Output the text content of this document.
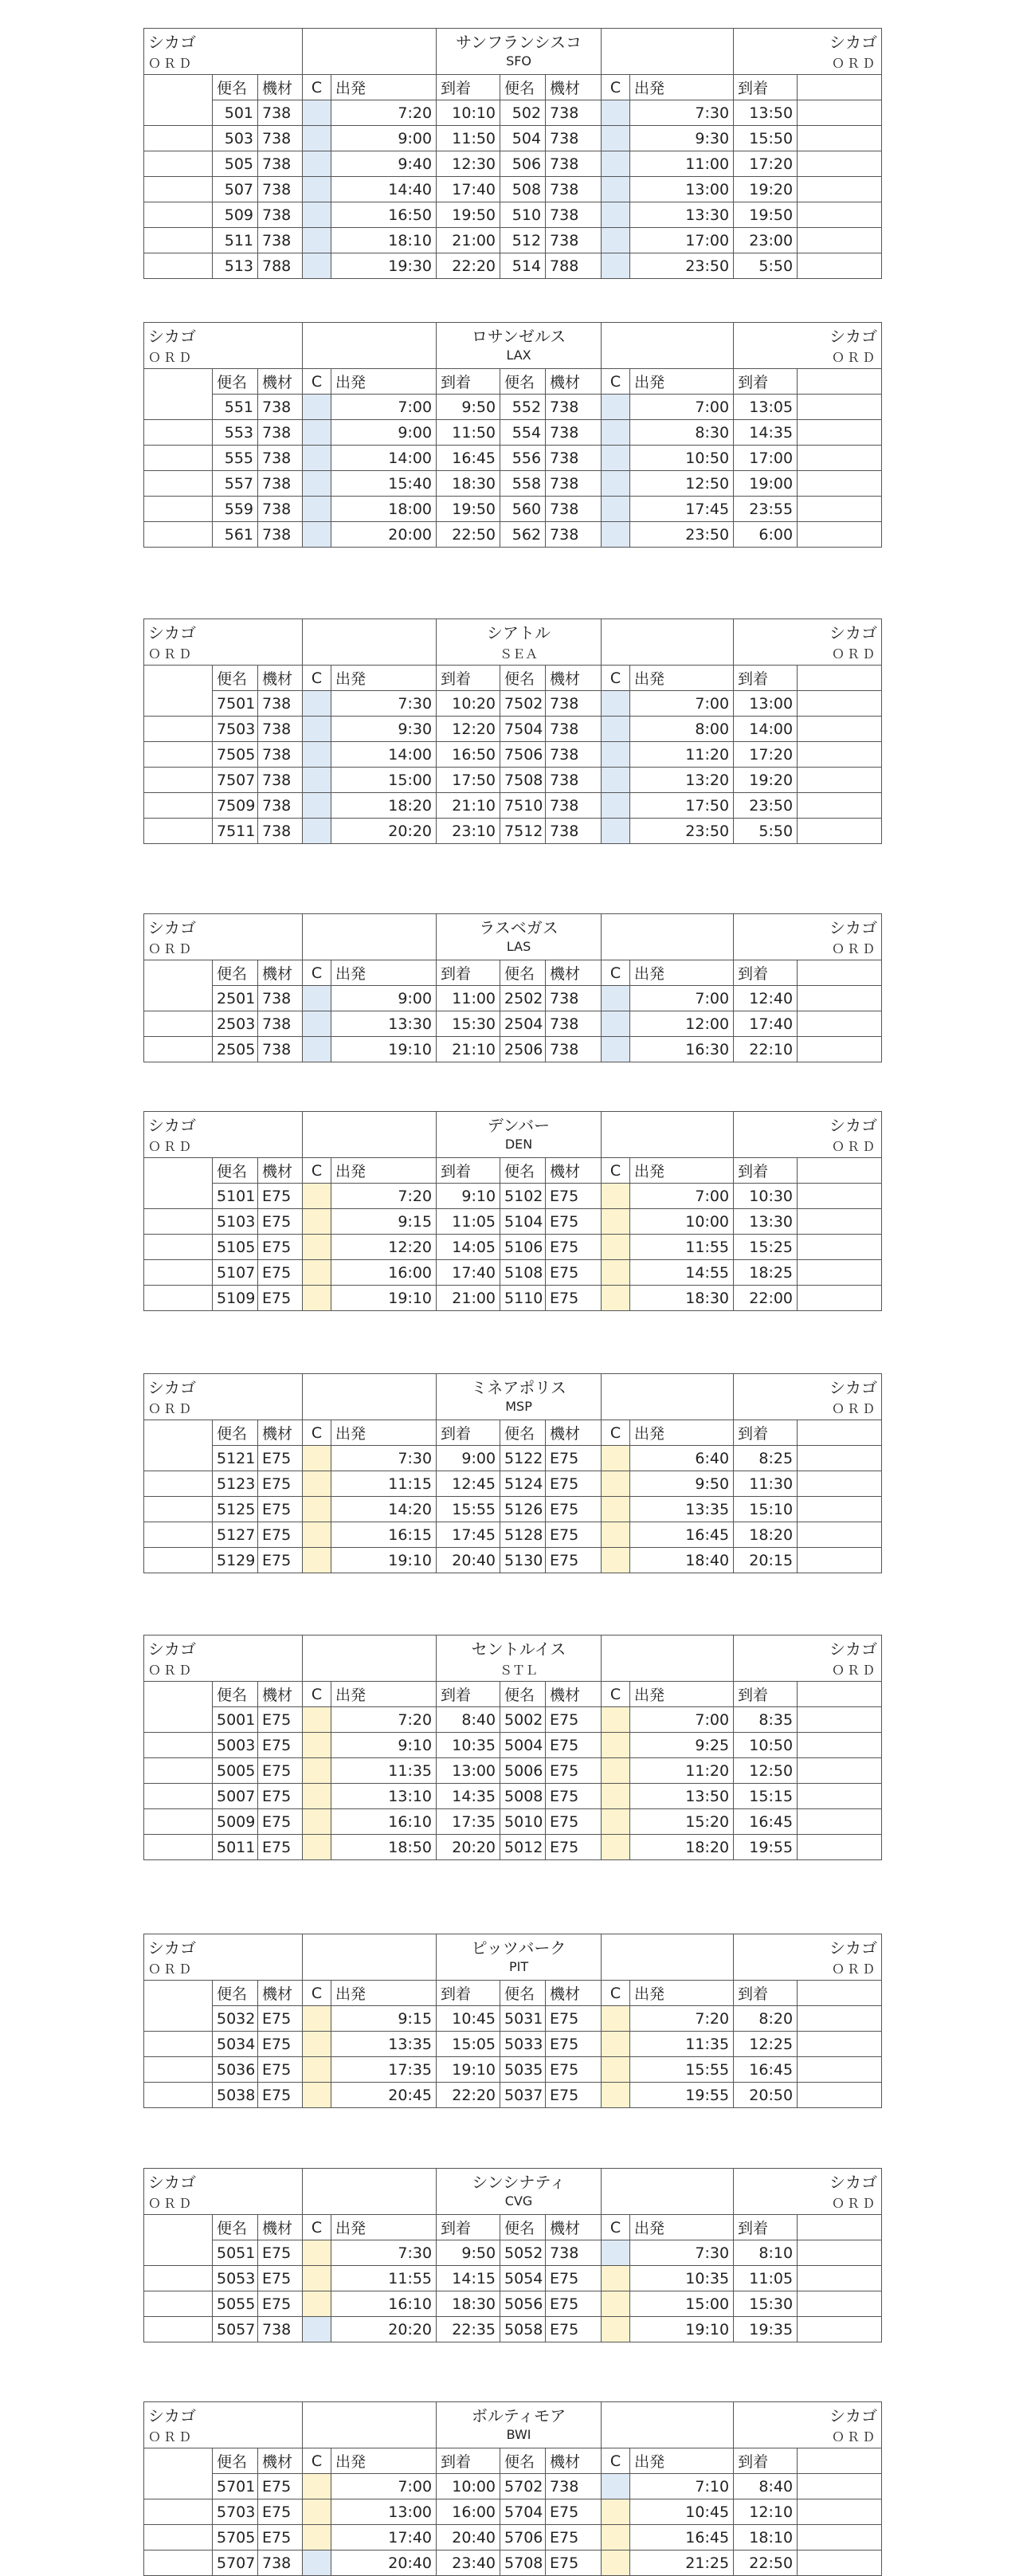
シカゴ					サンフランシスコ					シカゴ	
ＯＲＤ					SFO					ＯＲＤ	
	便名	機材	C	出発	到着	便名	機材	C	出発	到着	
	501	738		7:20	10:10	502	738		7:30	13:50	
	503	738		9:00	11:50	504	738		9:30	15:50	
	505	738		9:40	12:30	506	738		11:00	17:20	
	507	738		14:40	17:40	508	738		13:00	19:20	
	509	738		16:50	19:50	510	738		13:30	19:50	
	511	738		18:10	21:00	512	738		17:00	23:00	
	513	788		19:30	22:20	514	788		23:50	5:50	
シカゴ					ロサンゼルス					シカゴ	
ＯＲＤ					LAX					ＯＲＤ	
	便名	機材	C	出発	到着	便名	機材	C	出発	到着	
	551	738		7:00	9:50	552	738		7:00	13:05	
	553	738		9:00	11:50	554	738		8:30	14:35	
	555	738		14:00	16:45	556	738		10:50	17:00	
	557	738		15:40	18:30	558	738		12:50	19:00	
	559	738		18:00	19:50	560	738		17:45	23:55	
	561	738		20:00	22:50	562	738		23:50	6:00	
シカゴ					シアトル					シカゴ	
ＯＲＤ					ＳＥＡ					ＯＲＤ	
	便名	機材	C	出発	到着	便名	機材	C	出発	到着	
	7501	738		7:30	10:20	7502	738		7:00	13:00	
	7503	738		9:30	12:20	7504	738		8:00	14:00	
	7505	738		14:00	16:50	7506	738		11:20	17:20	
	7507	738		15:00	17:50	7508	738		13:20	19:20	
	7509	738		18:20	21:10	7510	738		17:50	23:50	
	7511	738		20:20	23:10	7512	738		23:50	5:50	
シカゴ					ラスベガス					シカゴ	
ＯＲＤ					LAS					ＯＲＤ	
	便名	機材	C	出発	到着	便名	機材	C	出発	到着	
	2501	738		9:00	11:00	2502	738		7:00	12:40	
	2503	738		13:30	15:30	2504	738		12:00	17:40	
	2505	738		19:10	21:10	2506	738		16:30	22:10	
シカゴ					デンバー					シカゴ	
ＯＲＤ					DEN					ＯＲＤ	
	便名	機材	C	出発	到着	便名	機材	C	出発	到着	
	5101	E75		7:20	9:10	5102	E75		7:00	10:30	
	5103	E75		9:15	11:05	5104	E75		10:00	13:30	
	5105	E75		12:20	14:05	5106	E75		11:55	15:25	
	5107	E75		16:00	17:40	5108	E75		14:55	18:25	
	5109	E75		19:10	21:00	5110	E75		18:30	22:00	
シカゴ					ミネアポリス					シカゴ	
ＯＲＤ					MSP					ＯＲＤ	
	便名	機材	C	出発	到着	便名	機材	C	出発	到着	
	5121	E75		7:30	9:00	5122	E75		6:40	8:25	
	5123	E75		11:15	12:45	5124	E75		9:50	11:30	
	5125	E75		14:20	15:55	5126	E75		13:35	15:10	
	5127	E75		16:15	17:45	5128	E75		16:45	18:20	
	5129	E75		19:10	20:40	5130	E75		18:40	20:15	
シカゴ					セントルイス					シカゴ	
ＯＲＤ					ＳＴＬ					ＯＲＤ	
	便名	機材	C	出発	到着	便名	機材	C	出発	到着	
	5001	E75		7:20	8:40	5002	E75		7:00	8:35	
	5003	E75		9:10	10:35	5004	E75		9:25	10:50	
	5005	E75		11:35	13:00	5006	E75		11:20	12:50	
	5007	E75		13:10	14:35	5008	E75		13:50	15:15	
	5009	E75		16:10	17:35	5010	E75		15:20	16:45	
	5011	E75		18:50	20:20	5012	E75		18:20	19:55	
シカゴ					ピッツバーク					シカゴ	
ＯＲＤ					PIT					ＯＲＤ	
	便名	機材	C	出発	到着	便名	機材	C	出発	到着	
	5032	E75		9:15	10:45	5031	E75		7:20	8:20	
	5034	E75		13:35	15:05	5033	E75		11:35	12:25	
	5036	E75		17:35	19:10	5035	E75		15:55	16:45	
	5038	E75		20:45	22:20	5037	E75		19:55	20:50	
シカゴ					シンシナティ					シカゴ	
ＯＲＤ					CVG					ＯＲＤ	
	便名	機材	C	出発	到着	便名	機材	C	出発	到着	
	5051	E75		7:30	9:50	5052	738		7:30	8:10	
	5053	E75		11:55	14:15	5054	E75		10:35	11:05	
	5055	E75		16:10	18:30	5056	E75		15:00	15:30	
	5057	738		20:20	22:35	5058	E75		19:10	19:35	
シカゴ					ボルティモア					シカゴ	
ＯＲＤ					BWI					ＯＲＤ	
	便名	機材	C	出発	到着	便名	機材	C	出発	到着	
	5701	E75		7:00	10:00	5702	738		7:10	8:40	
	5703	E75		13:00	16:00	5704	E75		10:45	12:10	
	5705	E75		17:40	20:40	5706	E75		16:45	18:10	
	5707	738		20:40	23:40	5708	E75		21:25	22:50	
